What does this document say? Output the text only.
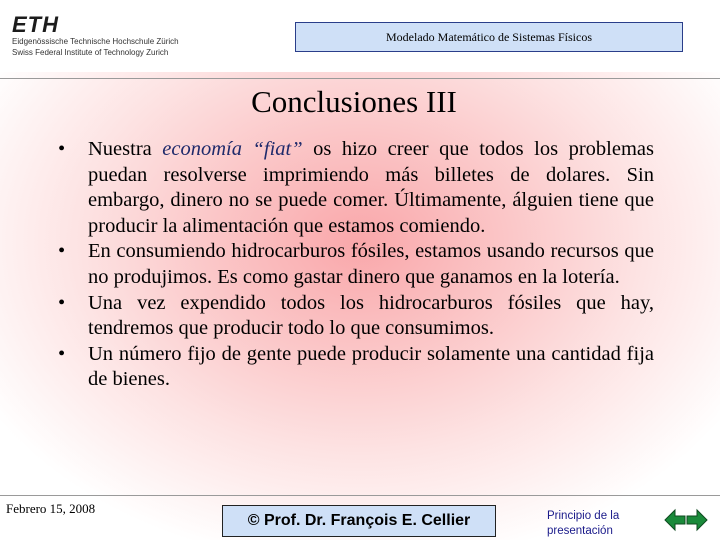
ETH
Eidgenössische Technische Hochschule Zürich
Swiss Federal Institute of Technology Zurich
Modelado Matemático de Sistemas Físicos
Conclusiones III
• Nuestra economía “fiat” os hizo creer que todos los problemas puedan resolverse imprimiendo más billetes de dolares. Sin embargo, dinero no se puede comer. Últimamente, álguien tiene que producir la alimentación que estamos comiendo.
• En consumiendo hidrocarburos fósiles, estamos usando recursos que no produjimos. Es como gastar dinero que ganamos en la lotería.
• Una vez expendido todos los hidrocarburos fósiles que hay, tendremos que producir todo lo que consumimos.
• Un número fijo de gente puede producir solamente una cantidad fija de bienes.
Febrero 15, 2008
© Prof. Dr. François E. Cellier	Principio de la presentación
